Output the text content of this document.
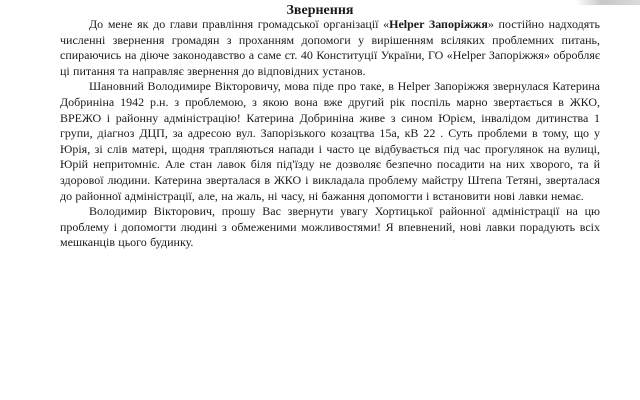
Звернення

До мене як до глави правління громадської організації «Helper Запоріжжя» постійно надходять численні звернення громадян з проханням допомоги у вирішенням всіляких проблемних питань, спираючись на діюче законодавство а саме ст. 40 Конституції України, ГО «Helper Запоріжжя» обробляє ці питання та направляє звернення до відповідних установ.

Шановний Володимире Вікторовичу, мова піде про таке, в Helper Запоріжжя звернулася Катерина Добриніна 1942 р.н. з проблемою, з якою вона вже другий рік поспіль марно звертається в ЖКО, ВРЕЖО і районну адміністрацію! Катерина Добриніна живе з сином Юрієм, інвалідом дитинства 1 групи, діагноз ДЦП, за адресою вул. Запорізького козацтва 15а, кВ 22 . Суть проблеми в тому, що у Юрія, зі слів матері, щодня трапляються напади і часто це відбувається під час прогулянок на вулиці, Юрій непритомніє. Але стан лавок біля під'їзду не дозволяє безпечно посадити на них хворого, та й здорової людини. Катерина зверталася в ЖКО і викладала проблему майстру Штепа Тетяні, зверталася до районної адміністрації, але, на жаль, ні часу, ні бажання допомогти і встановити нові лавки немає.

Володимир Вікторович, прошу Вас звернути увагу Хортицької районної адміністрації на цю проблему і допомогти людині з обмеженими можливостями! Я впевнений, нові лавки порадують всіх мешканців цього будинку.
